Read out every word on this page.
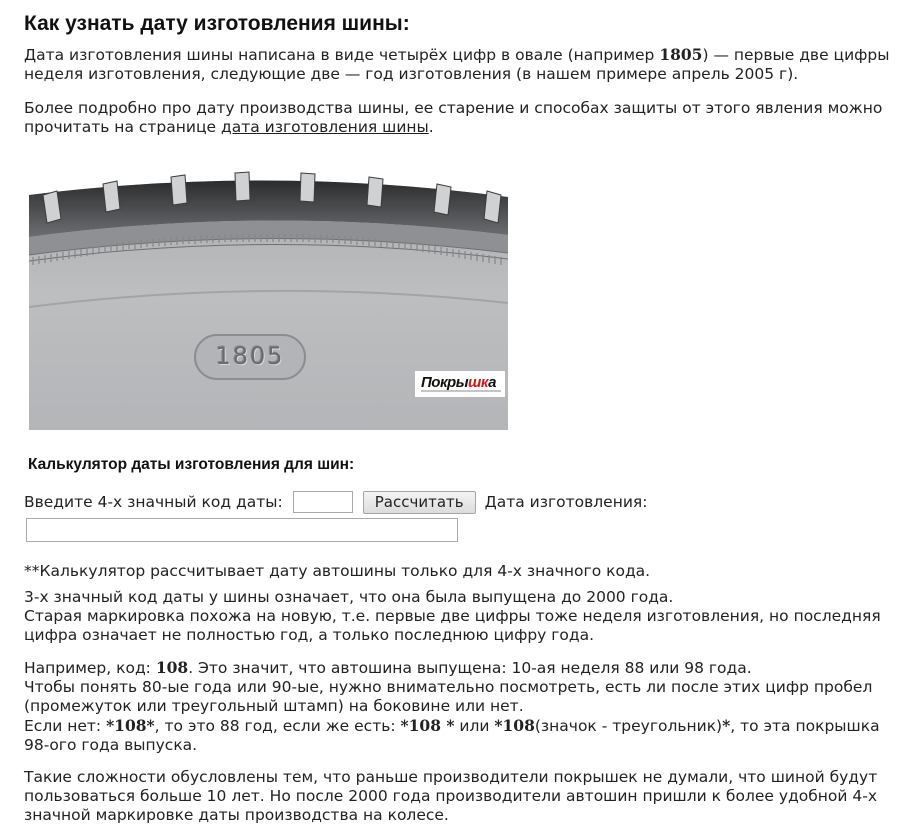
Как узнать дату изготовления шины:

Дата изготовления шины написана в виде четырёх цифр в овале (например 1805) — первые две цифры неделя изготовления, следующие две — год изготовления (в нашем примере апрель 2005 г).

Более подробно про дату производства шины, ее старение и способах защиты от этого явления можно прочитать на странице дата изготовления шины.

1805
Покрышка
Калькулятор даты изготовления для шин:
Введите 4-х значный код даты:	Рассчитать	Дата изготовления:

**Калькулятор рассчитывает дату автошины только для 4-х значного кода.

3-х значный код даты у шины означает, что она была выпущена до 2000 года.
Старая маркировка похожа на новую, т.е. первые две цифры тоже неделя изготовления, но последняя цифра означает не полностью год, а только последнюю цифру года.

Например, код: 108. Это значит, что автошина выпущена: 10-ая неделя 88 или 98 года.
Чтобы понять 80-ые года или 90-ые, нужно внимательно посмотреть, есть ли после этих цифр пробел (промежуток или треугольный штамп) на боковине или нет.
Если нет: *108*, то это 88 год, если же есть: *108 * или *108(значок - треугольник)*, то эта покрышка 98-ого года выпуска.

Такие сложности обусловлены тем, что раньше производители покрышек не думали, что шиной будут пользоваться больше 10 лет. Но после 2000 года производители автошин пришли к более удобной 4-х значной маркировке даты производства на колесе.
